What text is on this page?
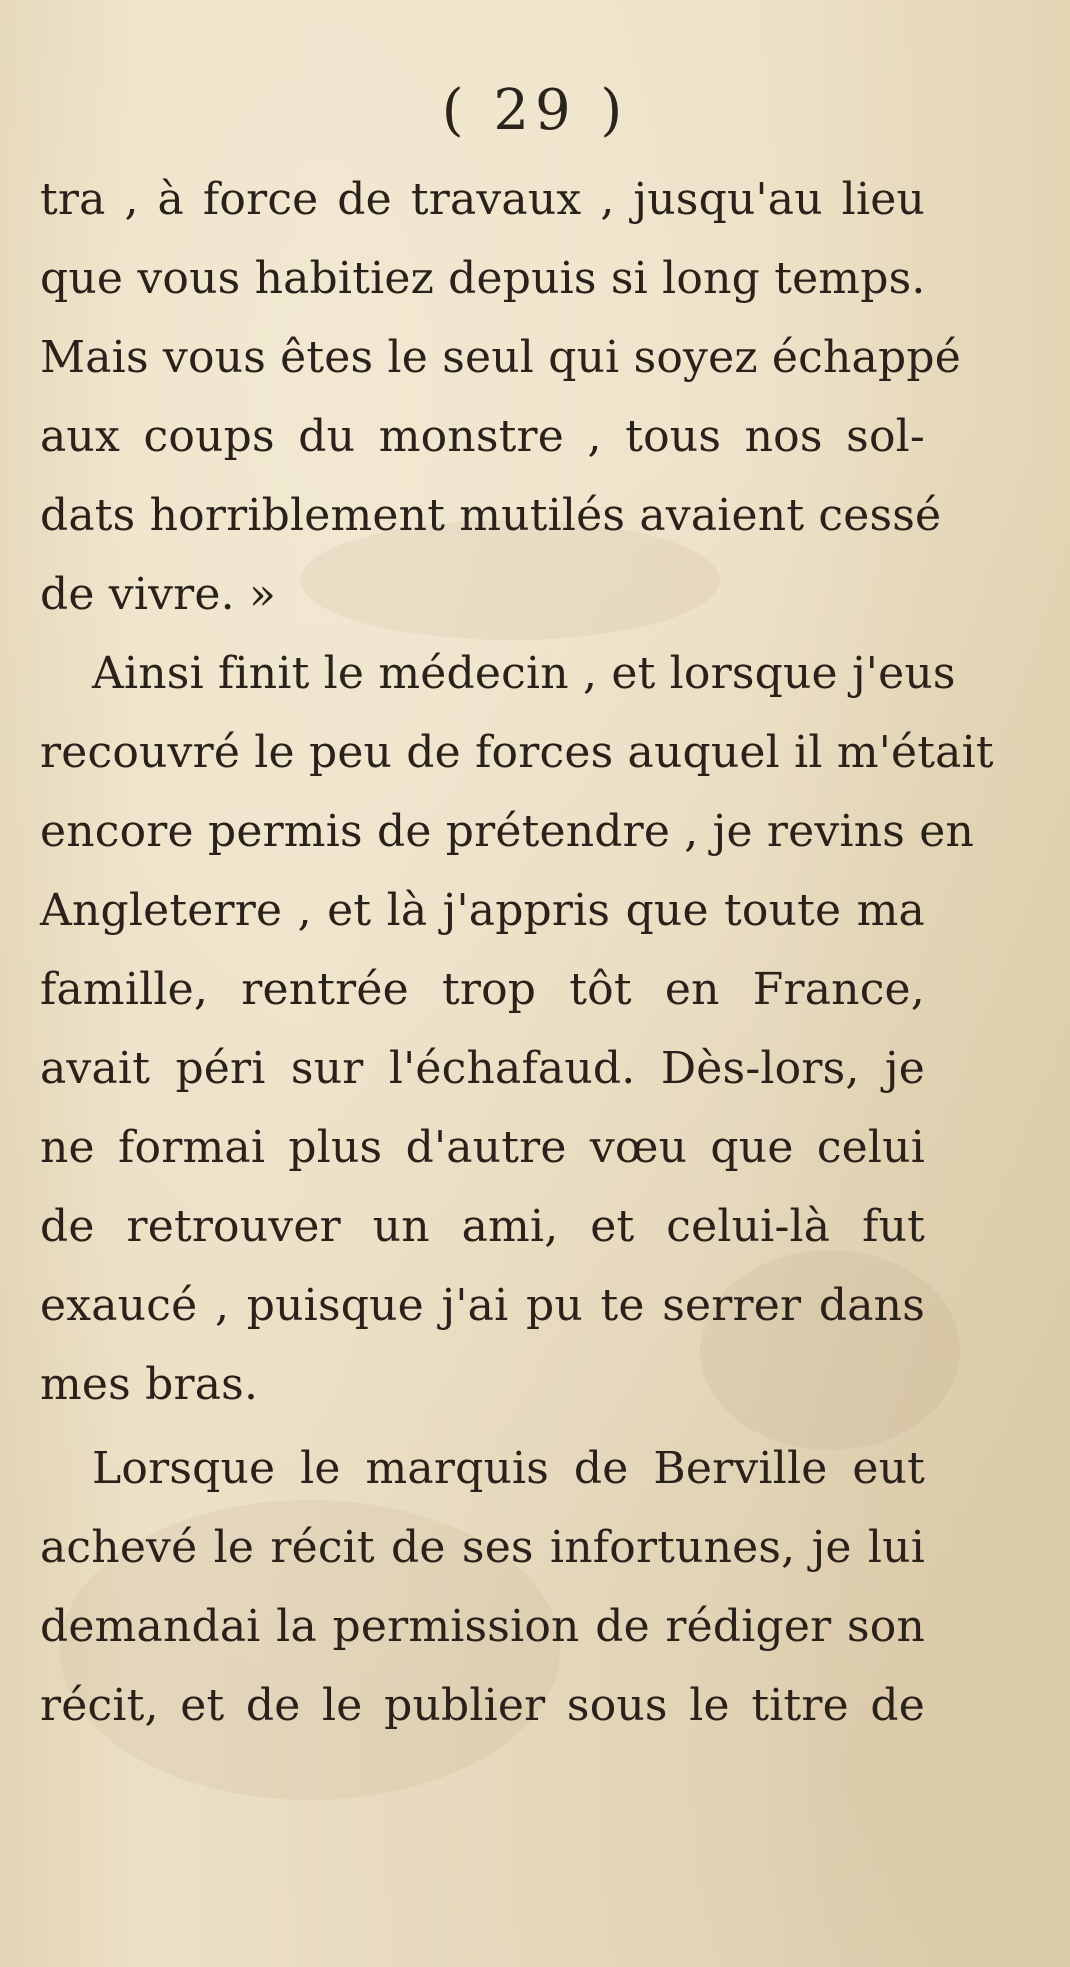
( 29 )
tra , à force de travaux , jusqu'au lieu
que vous habitiez depuis si long temps.
Mais vous êtes le seul qui soyez échappé
aux coups du monstre , tous nos sol-
dats horriblement mutilés avaient cessé
de vivre. »
Ainsi finit le médecin , et lorsque j'eus
recouvré le peu de forces auquel il m'était
encore permis de prétendre , je revins en
Angleterre , et là j'appris que toute ma
famille, rentrée trop tôt en France,
avait péri sur l'échafaud. Dès-lors, je
ne formai plus d'autre vœu que celui
de retrouver un ami, et celui-là fut
exaucé , puisque j'ai pu te serrer dans
mes bras.
Lorsque le marquis de Berville eut
achevé le récit de ses infortunes, je lui
demandai la permission de rédiger son
récit, et de le publier sous le titre de
